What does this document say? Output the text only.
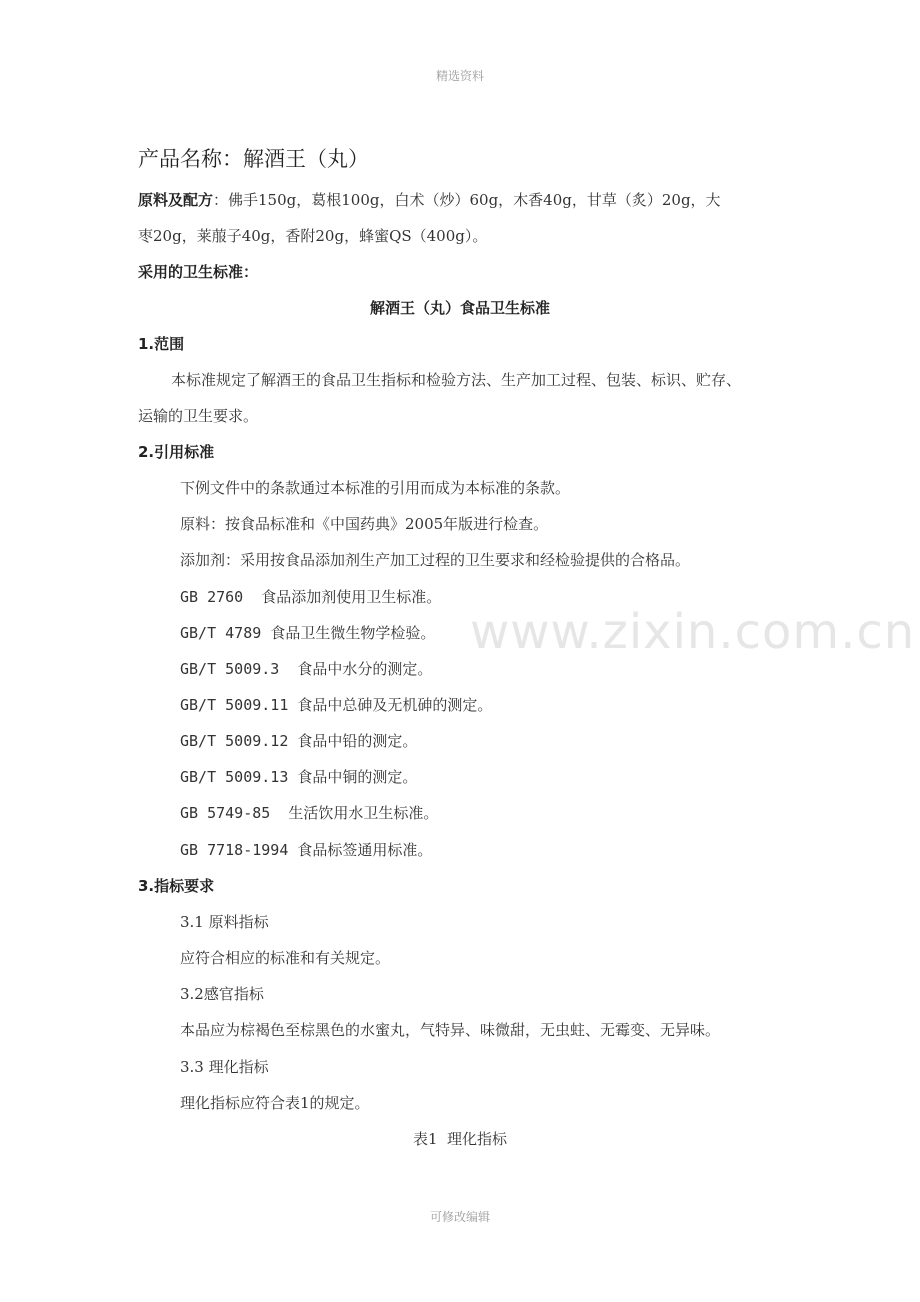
精选资料
www.zixin.com.cn
产品名称：解酒王（丸）
原料及配方：佛手150g，葛根100g，白术（炒）60g，木香40g，甘草（炙）20g，大
枣20g，莱菔子40g，香附20g，蜂蜜QS（400g）。
采用的卫生标准：
解酒王（丸）食品卫生标准
1.范围
本标准规定了解酒王的食品卫生指标和检验方法、生产加工过程、包装、标识、贮存、
运输的卫生要求。
2.引用标准
下例文件中的条款通过本标准的引用而成为本标准的条款。
原料：按食品标准和《中国药典》2005年版进行检查。
添加剂：采用按食品添加剂生产加工过程的卫生要求和经检验提供的合格品。
GB 2760  食品添加剂使用卫生标准。
GB/T 4789 食品卫生微生物学检验。
GB/T 5009.3  食品中水分的测定。
GB/T 5009.11 食品中总砷及无机砷的测定。
GB/T 5009.12 食品中铅的测定。
GB/T 5009.13 食品中铜的测定。
GB 5749-85  生活饮用水卫生标准。
GB 7718-1994 食品标签通用标准。
3.指标要求
3.1 原料指标
应符合相应的标准和有关规定。
3.2感官指标
本品应为棕褐色至棕黑色的水蜜丸，气特异、味微甜，无虫蛀、无霉变、无异味。
3.3 理化指标
理化指标应符合表1的规定。
表1  理化指标
可修改编辑
